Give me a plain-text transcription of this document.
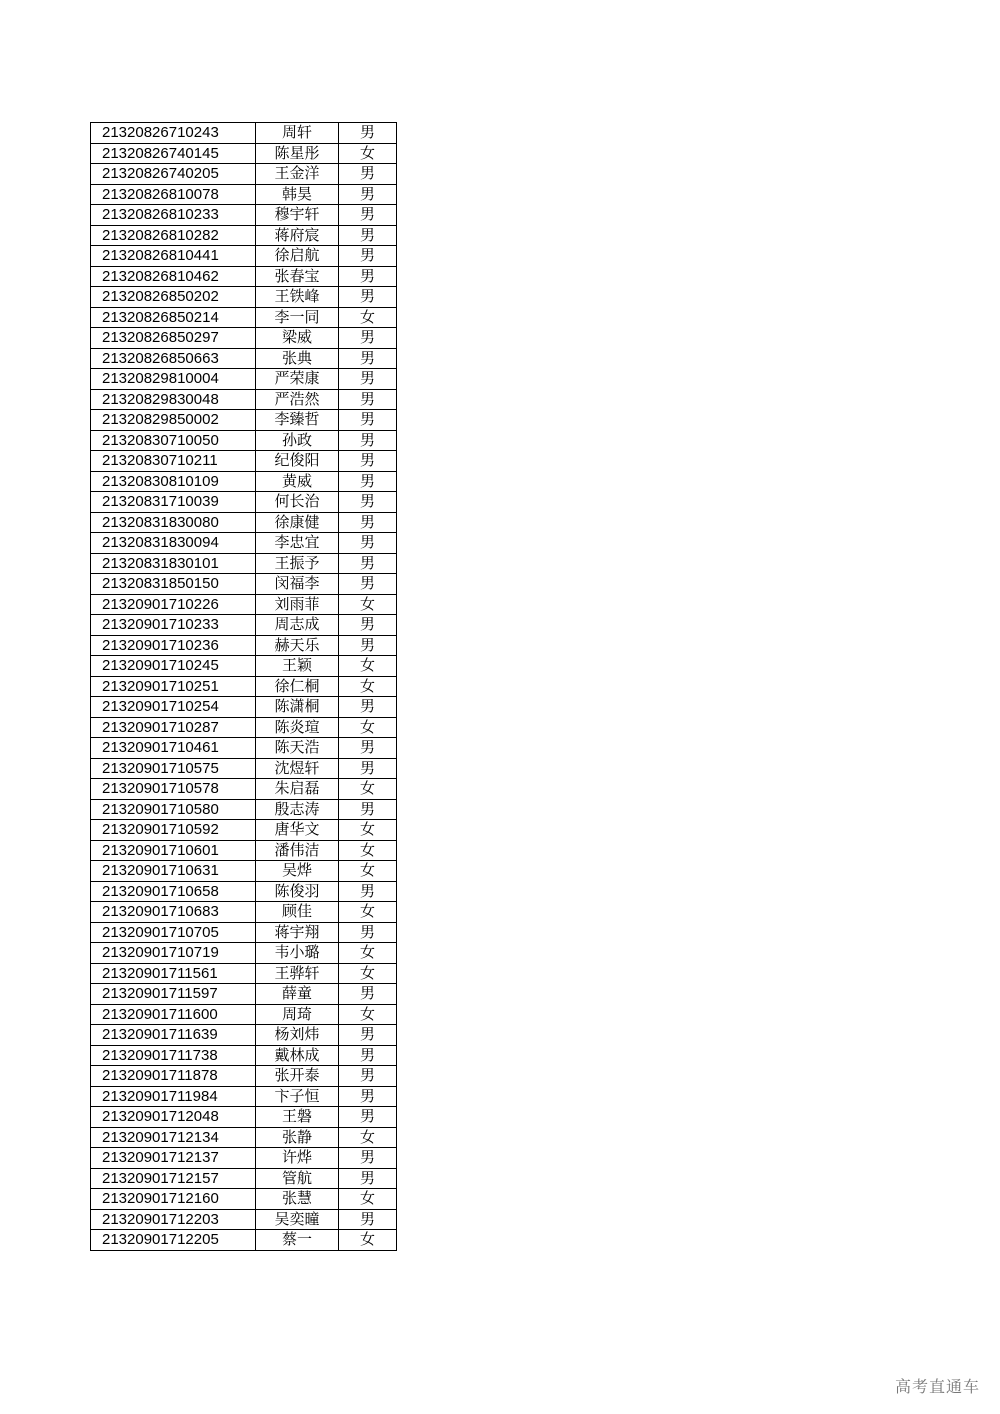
21320826710243	周轩	男
21320826740145	陈星彤	女
21320826740205	王金洋	男
21320826810078	韩昊	男
21320826810233	穆宇轩	男
21320826810282	蒋府宸	男
21320826810441	徐启航	男
21320826810462	张春宝	男
21320826850202	王铁峰	男
21320826850214	李一同	女
21320826850297	梁威	男
21320826850663	张典	男
21320829810004	严荣康	男
21320829830048	严浩然	男
21320829850002	李臻哲	男
21320830710050	孙政	男
21320830710211	纪俊阳	男
21320830810109	黄威	男
21320831710039	何长治	男
21320831830080	徐康健	男
21320831830094	李忠宜	男
21320831830101	王振予	男
21320831850150	闵福李	男
21320901710226	刘雨菲	女
21320901710233	周志成	男
21320901710236	赫天乐	男
21320901710245	王颖	女
21320901710251	徐仁桐	女
21320901710254	陈潇桐	男
21320901710287	陈炎瑄	女
21320901710461	陈天浩	男
21320901710575	沈煜轩	男
21320901710578	朱启磊	女
21320901710580	殷志涛	男
21320901710592	唐华文	女
21320901710601	潘伟洁	女
21320901710631	吴烨	女
21320901710658	陈俊羽	男
21320901710683	顾佳	女
21320901710705	蒋宇翔	男
21320901710719	韦小璐	女
21320901711561	王骅轩	女
21320901711597	薛童	男
21320901711600	周琦	女
21320901711639	杨刘炜	男
21320901711738	戴林成	男
21320901711878	张开泰	男
21320901711984	卞子恒	男
21320901712048	王磐	男
21320901712134	张静	女
21320901712137	许烨	男
21320901712157	管航	男
21320901712160	张慧	女
21320901712203	吴奕曈	男
21320901712205	蔡一	女
高考直通车
